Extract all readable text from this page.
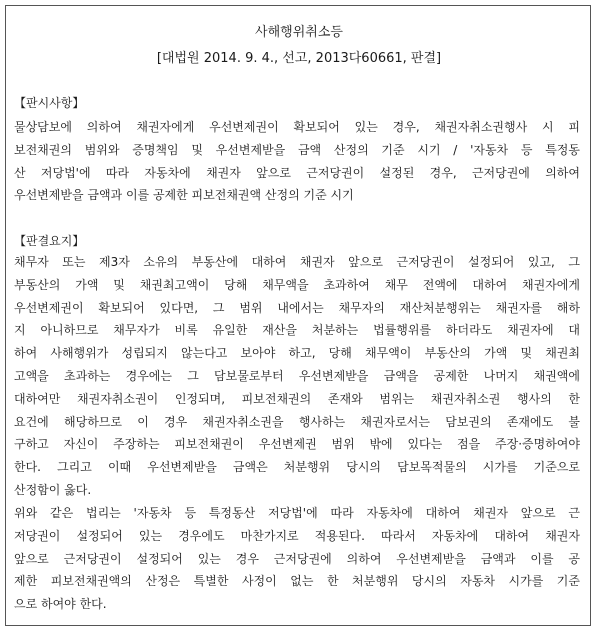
사해행위취소등
[대법원 2014. 9. 4., 선고, 2013다60661, 판결]
【판시사항】
물상담보에 의하여 채권자에게 우선변제권이 확보되어 있는 경우, 채권자취소권행사 시 피
보전채권의 범위와 증명책임 및 우선변제받을 금액 산정의 기준 시기 / '자동차 등 특정동
산 저당법'에 따라 자동차에 채권자 앞으로 근저당권이 설정된 경우, 근저당권에 의하여
우선변제받을 금액과 이를 공제한 피보전채권액 산정의 기준 시기
【판결요지】
채무자 또는 제3자 소유의 부동산에 대하여 채권자 앞으로 근저당권이 설정되어 있고, 그
부동산의 가액 및 채권최고액이 당해 채무액을 초과하여 채무 전액에 대하여 채권자에게
우선변제권이 확보되어 있다면, 그 범위 내에서는 채무자의 재산처분행위는 채권자를 해하
지 아니하므로 채무자가 비록 유일한 재산을 처분하는 법률행위를 하더라도 채권자에 대
하여 사해행위가 성립되지 않는다고 보아야 하고, 당해 채무액이 부동산의 가액 및 채권최
고액을 초과하는 경우에는 그 담보물로부터 우선변제받을 금액을 공제한 나머지 채권액에
대하여만 채권자취소권이 인정되며, 피보전채권의 존재와 범위는 채권자취소권 행사의 한
요건에 해당하므로 이 경우 채권자취소권을 행사하는 채권자로서는 담보권의 존재에도 불
구하고 자신이 주장하는 피보전채권이 우선변제권 범위 밖에 있다는 점을 주장·증명하여야
한다. 그리고 이때 우선변제받을 금액은 처분행위 당시의 담보목적물의 시가를 기준으로
산정함이 옳다.
위와 같은 법리는 '자동차 등 특정동산 저당법'에 따라 자동차에 대하여 채권자 앞으로 근
저당권이 설정되어 있는 경우에도 마찬가지로 적용된다. 따라서 자동차에 대하여 채권자
앞으로 근저당권이 설정되어 있는 경우 근저당권에 의하여 우선변제받을 금액과 이를 공
제한 피보전채권액의 산정은 특별한 사정이 없는 한 처분행위 당시의 자동차 시가를 기준
으로 하여야 한다.
